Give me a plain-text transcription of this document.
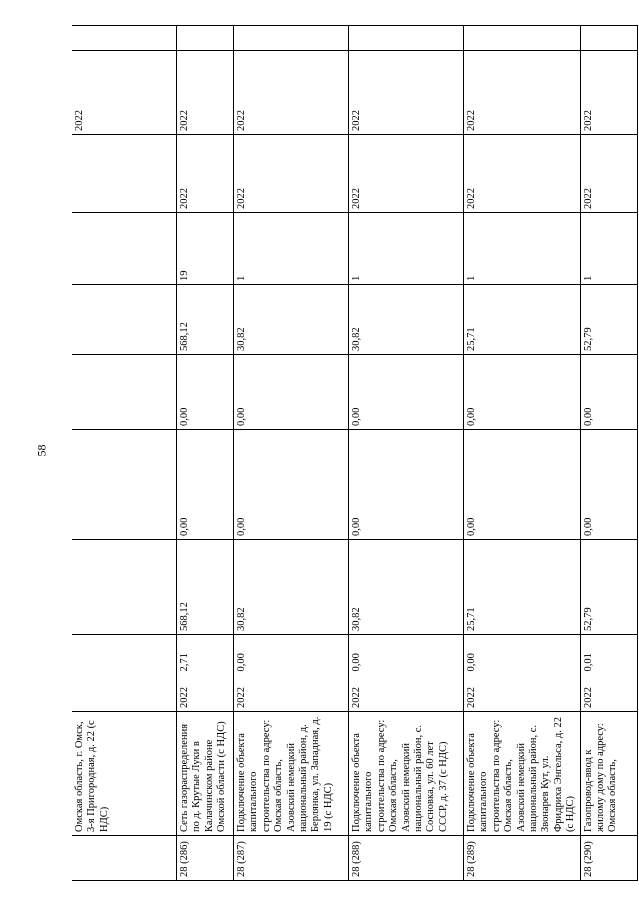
58
	Омская область, г. Омск, 3-я Пригородная, д. 22 (с НДС)									2022	
28 (286)	Сеть газораспределения по д. Крутые Луки в Калачинском районе Омской области (с НДС)	2022	2,71	568,12	0,00	0,00	568,12	19	2022	2022	
28 (287)	Подключение объекта капитального строительства по адресу: Омская область, Азовский немецкий национальный район, д. Берлянка, ул. Западная, д. 19 (с НДС)	2022	0,00	30,82	0,00	0,00	30,82	1	2022	2022	
28 (288)	Подключение объекта капитального строительства по адресу: Омская область, Азовский немецкий национальный район, с. Сосновка, ул. 60 лет СССР, д. 37 (с НДС)	2022	0,00	30,82	0,00	0,00	30,82	1	2022	2022	
28 (289)	Подключение объекта капитального строительства по адресу: Омская область, Азовский немецкий национальный район, с. Звонарев Кут, ул. Фридриха Энгельса, д. 22 (с НДС)	2022	0,00	25,71	0,00	0,00	25,71	1	2022	2022	
28 (290)	Газопровод-ввод к жилому дому по адресу: Омская область,	2022	0,01	52,79	0,00	0,00	52,79	1	2022	2022	
